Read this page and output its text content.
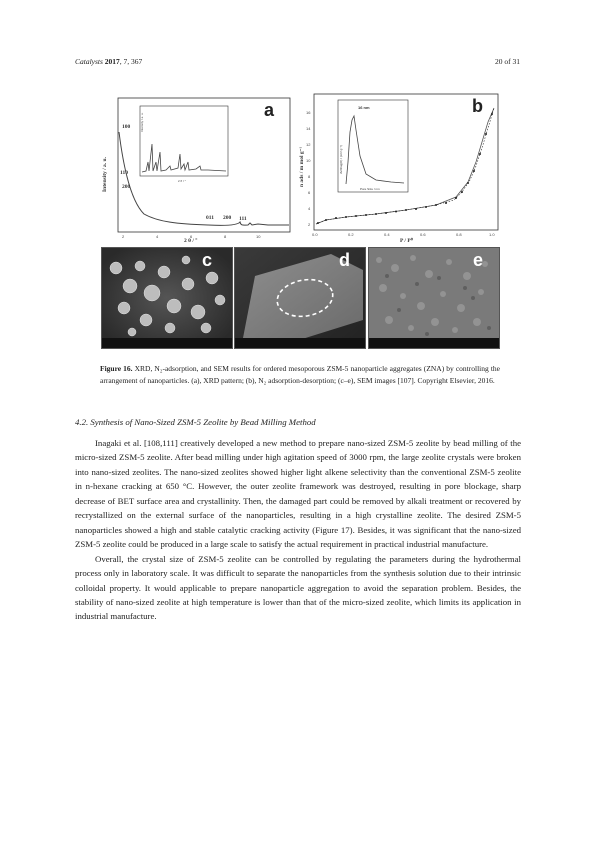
Catalysts 2017, 7, 367	20 of 31
Intensity / a. u.
2 θ / °
Intensity / a. u.
2 θ / °
100
110
200
011 200 111
2	4	6	8	10
a	16 nm
Pore Size / nm
dV/dlog(D) / (cm³ g⁻¹)
n ads / m mol g⁻¹
P / P⁰
0.0	0.2	0.4	0.6	0.8	1.0
2
4
6
8
10
12
14
16	b
c	d	e
Figure 16. XRD, N₂-adsorption, and SEM results for ordered mesoporous ZSM-5 nanoparticle aggregates (ZNA) by controlling the arrangement of nanoparticles. (a), XRD pattern; (b), N₂ adsorption-desorption; (c–e), SEM images [107]. Copyright Elsevier, 2016.
4.2. Synthesis of Nano-Sized ZSM-5 Zeolite by Bead Milling Method

Inagaki et al. [108,111] creatively developed a new method to prepare nano-sized ZSM-5 zeolite by bead milling of the micro-sized ZSM-5 zeolite. After bead milling under high agitation speed of 3000 rpm, the large zeolite crystals were broken into nano-sized zeolites. The nano-sized zeolites showed higher light alkene selectivity than the conventional ZSM-5 zeolite in n-hexane cracking at 650 °C. However, the outer zeolite framework was destroyed, resulting in pore blockage, sharp decrease of BET surface area and crystallinity. Then, the damaged part could be removed by alkali treatment or recovered by recrystallized on the external surface of the nanoparticles, resulting in a high crystalline zeolite. The desired ZSM-5 nanoparticles showed a high and stable catalytic cracking activity (Figure 17). Besides, it was significant that the nano-sized ZSM-5 zeolite could be produced in a large scale to satisfy the actual requirement in practical industrial manufacture.

Overall, the crystal size of ZSM-5 zeolite can be controlled by regulating the parameters during the hydrothermal process only in laboratory scale. It was difficult to separate the nanoparticles from the synthesis solution due to their intrinsic colloidal property. It would applicable to prepare nanoparticle aggregation to avoid the separation problem. Besides, the stability of nano-sized zeolite at high temperature is lower than that of the micro-sized zeolite, which limits its application in industrial manufacture.
